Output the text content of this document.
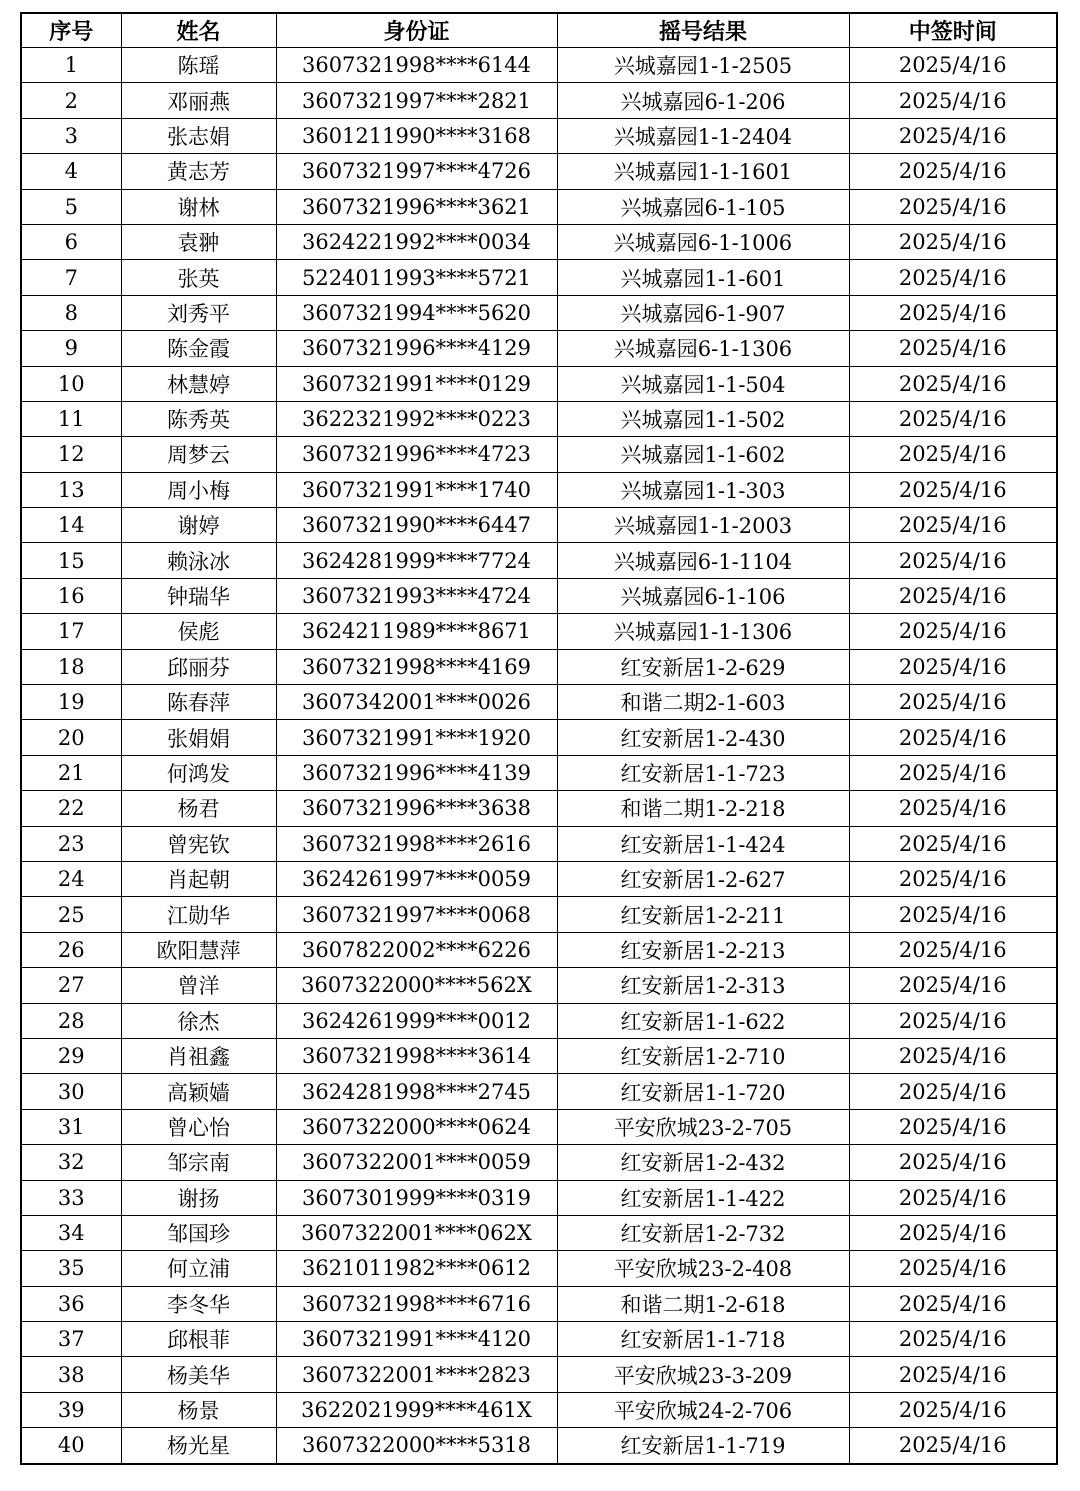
序号	姓名	身份证	摇号结果	中签时间
1	陈瑶	3607321998****6144	兴城嘉园1-1-2505	2025/4/16
2	邓丽燕	3607321997****2821	兴城嘉园6-1-206	2025/4/16
3	张志娟	3601211990****3168	兴城嘉园1-1-2404	2025/4/16
4	黄志芳	3607321997****4726	兴城嘉园1-1-1601	2025/4/16
5	谢林	3607321996****3621	兴城嘉园6-1-105	2025/4/16
6	袁翀	3624221992****0034	兴城嘉园6-1-1006	2025/4/16
7	张英	5224011993****5721	兴城嘉园1-1-601	2025/4/16
8	刘秀平	3607321994****5620	兴城嘉园6-1-907	2025/4/16
9	陈金霞	3607321996****4129	兴城嘉园6-1-1306	2025/4/16
10	林慧婷	3607321991****0129	兴城嘉园1-1-504	2025/4/16
11	陈秀英	3622321992****0223	兴城嘉园1-1-502	2025/4/16
12	周梦云	3607321996****4723	兴城嘉园1-1-602	2025/4/16
13	周小梅	3607321991****1740	兴城嘉园1-1-303	2025/4/16
14	谢婷	3607321990****6447	兴城嘉园1-1-2003	2025/4/16
15	赖泳冰	3624281999****7724	兴城嘉园6-1-1104	2025/4/16
16	钟瑞华	3607321993****4724	兴城嘉园6-1-106	2025/4/16
17	侯彪	3624211989****8671	兴城嘉园1-1-1306	2025/4/16
18	邱丽芬	3607321998****4169	红安新居1-2-629	2025/4/16
19	陈春萍	3607342001****0026	和谐二期2-1-603	2025/4/16
20	张娟娟	3607321991****1920	红安新居1-2-430	2025/4/16
21	何鸿发	3607321996****4139	红安新居1-1-723	2025/4/16
22	杨君	3607321996****3638	和谐二期1-2-218	2025/4/16
23	曾宪钦	3607321998****2616	红安新居1-1-424	2025/4/16
24	肖起朝	3624261997****0059	红安新居1-2-627	2025/4/16
25	江勋华	3607321997****0068	红安新居1-2-211	2025/4/16
26	欧阳慧萍	3607822002****6226	红安新居1-2-213	2025/4/16
27	曾洋	3607322000****562X	红安新居1-2-313	2025/4/16
28	徐杰	3624261999****0012	红安新居1-1-622	2025/4/16
29	肖祖鑫	3607321998****3614	红安新居1-2-710	2025/4/16
30	高颖嫱	3624281998****2745	红安新居1-1-720	2025/4/16
31	曾心怡	3607322000****0624	平安欣城23-2-705	2025/4/16
32	邹宗南	3607322001****0059	红安新居1-2-432	2025/4/16
33	谢扬	3607301999****0319	红安新居1-1-422	2025/4/16
34	邹国珍	3607322001****062X	红安新居1-2-732	2025/4/16
35	何立浦	3621011982****0612	平安欣城23-2-408	2025/4/16
36	李冬华	3607321998****6716	和谐二期1-2-618	2025/4/16
37	邱根菲	3607321991****4120	红安新居1-1-718	2025/4/16
38	杨美华	3607322001****2823	平安欣城23-3-209	2025/4/16
39	杨景	3622021999****461X	平安欣城24-2-706	2025/4/16
40	杨光星	3607322000****5318	红安新居1-1-719	2025/4/16
